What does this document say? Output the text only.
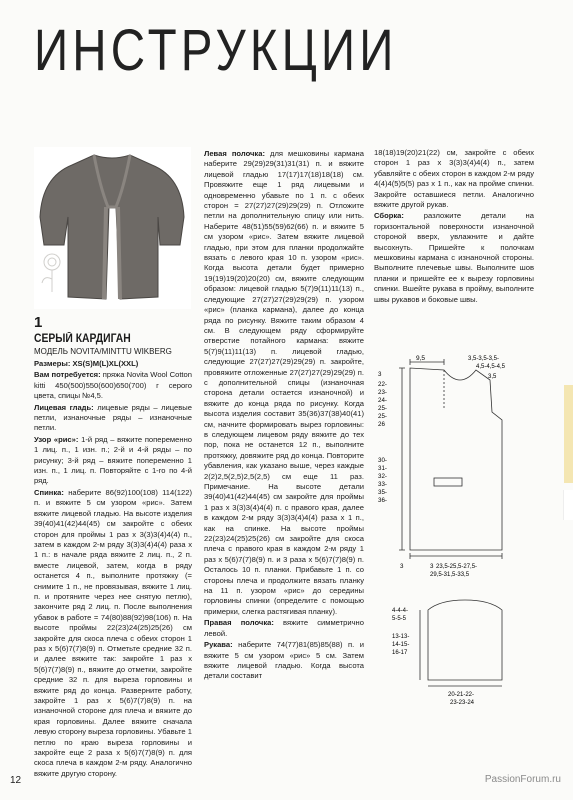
ИНСТРУКЦИИ
1
СЕРЫЙ КАРДИГАН
МОДЕЛЬ NOVITA/MINTTU WIKBERG

Размеры: XS(S)M(L)XL(XXL)

Вам потребуется: пряжа Novita Wool Cotton kitti 450(500)550(600)650(700) г серого цвета, спицы №4,5.

Лицевая гладь: лицевые ряды – лицевые петли, изнаночные ряды – изнаночные петли.

Узор «рис»: 1-й ряд – вяжите попеременно 1 лиц. п., 1 изн. п.; 2-й и 4-й ряды – по рисунку; 3-й ряд – вяжите попеременно 1 изн. п., 1 лиц. п. Повторяйте с 1-го по 4-й ряд.

Спинка: наберите 86(92)100(108) 114(122) п. и вяжите 5 см узором «рис». Затем вяжите лицевой гладью. На высоте изделия 39(40)41(42)44(45) см закройте с обеих сторон для проймы 1 раз x 3(3)3(4)4(4) п., затем в каждом 2-м ряду 3(3)3(4)4(4) раза x 1 п.: в начале ряда вяжите 2 лиц. п., 2 п. вместе лицевой, затем, когда в ряду останется 4 п., выполните протяжку (= снимите 1 п., не провязывая, вяжите 1 лиц. п. и протяните через нее снятую петлю), закончите ряд 2 лиц. п. После выполнения убавок в работе = 74(80)88(92)98(106) п. На высоте проймы 22(23)24(25)25(26) см закройте для скоса плеча с обеих сторон 1 раз x 5(6)7(7)8(9) п. Отметьте средние 32 п. и далее вяжите так: закройте 1 раз x 5(6)7(7)8(9) п., вяжите до отметки, закройте средние 32 п. для выреза горловины и вяжите ряд до конца. Разверните работу, закройте 1 раз x 5(6)7(7)8(9) п. на изнаночной стороне для плеча и вяжите до края горловины. Далее вяжите сначала левую сторону выреза горловины. Убавьте 1 петлю по краю выреза горловины и закройте еще 2 раза x 5(6)7(7)8(9) п. для скоса плеча в каждом 2-м ряду. Аналогично вяжите другую сторону.

Левая полочка: для мешковины кармана наберите 29(29)29(31)31(31) п. и вяжите лицевой гладью 17(17)17(18)18(18) см. Провяжите еще 1 ряд лицевыми и одновременно убавьте по 1 п. с обеих сторон = 27(27)27(29)29(29) п. Отложите петли на дополнительную спицу или нить. Наберите 48(51)55(59)62(66) п. и вяжите 5 см узором «рис». Затем вяжите лицевой гладью, при этом для планки продолжайте вязать с левого края 10 п. узором «рис». Когда высота детали будет примерно 19(19)19(20)20(20) см, вяжите следующим образом: лицевой гладью 5(7)9(11)11(13) п., следующие 27(27)27(29)29(29) п. узором «рис» (планка кармана), далее до конца ряда по рисунку. Вяжите таким образом 4 см. В следующем ряду сформируйте отверстие потайного кармана: вяжите 5(7)9(11)11(13) п. лицевой гладью, следующие 27(27)27(29)29(29) п. закройте, провяжите отложенные 27(27)27(29)29(29) п. с дополнительной спицы (изнаночная сторона детали остается изнаночной) и вяжите до конца ряда по рисунку. Когда высота изделия составит 35(36)37(38)40(41) см, начните формировать вырез горловины: в следующем лицевом ряду вяжите до тех пор, пока не останется 12 п., выполните протяжку, довяжите ряд до конца. Повторите убавления, как указано выше, через каждые 2(2)2,5(2,5)2,5(2,5) см еще 11 раз. Примечание. На высоте детали 39(40)41(42)44(45) см закройте для проймы 1 раз x 3(3)3(4)4(4) п. с правого края, далее в каждом 2-м ряду 3(3)3(4)4(4) раза x 1 п., как на спинке. На высоте проймы 22(23)24(25)25(26) см закройте для скоса плеча с правого края в каждом 2-м ряду 1 раз x 5(6)7(7)8(9) п. и 3 раза x 5(6)7(7)8(9) п. Осталось 10 п. планки. Прибавьте 1 п. со стороны плеча и продолжите вязать планку на 11 п. узором «рис» до середины горловины спинки (определите с помощью примерки, слегка растягивая планку).

Правая полочка: вяжите симметрично левой.

Рукава: наберите 74(77)81(85)85(88) п. и вяжите 5 см узором «рис» 5 см. Затем вяжите лицевой гладью. Когда высота детали составит

18(18)19(20)21(22) см, закройте с обеих сторон 1 раз x 3(3)3(4)4(4) п., затем убавляйте с обеих сторон в каждом 2-м ряду 4(4)4(5)5(5) раз x 1 п., как на пройме спинки. Закройте оставшиеся петли. Аналогично вяжите другой рукав.

Сборка:	разложите детали на горизонтальной поверхности изнаночной стороной вверх, увлажните и дайте высохнуть. Пришейте к полочкам мешковины кармана с изнаночной стороны. Выполните плечевые швы. Выполните шов планки и пришейте ее к вырезу горловины спинки. Вшейте рукава в пройму, выполните швы рукавов и боковые швы.

9,5	3,5-3,5-3,5-
4,5-4,5-4,5
3,5
3
22-
23-
24-
25-
25-
26
30-
31-
32-
33-
35-
36-
3	3 23,5-25,5-27,5-
29,5-31,5-33,5
4-4-4-
5-5-5
13-13-
14-15-
16-17
20-21-22-
23-23-24
12	PassionForum.ru
